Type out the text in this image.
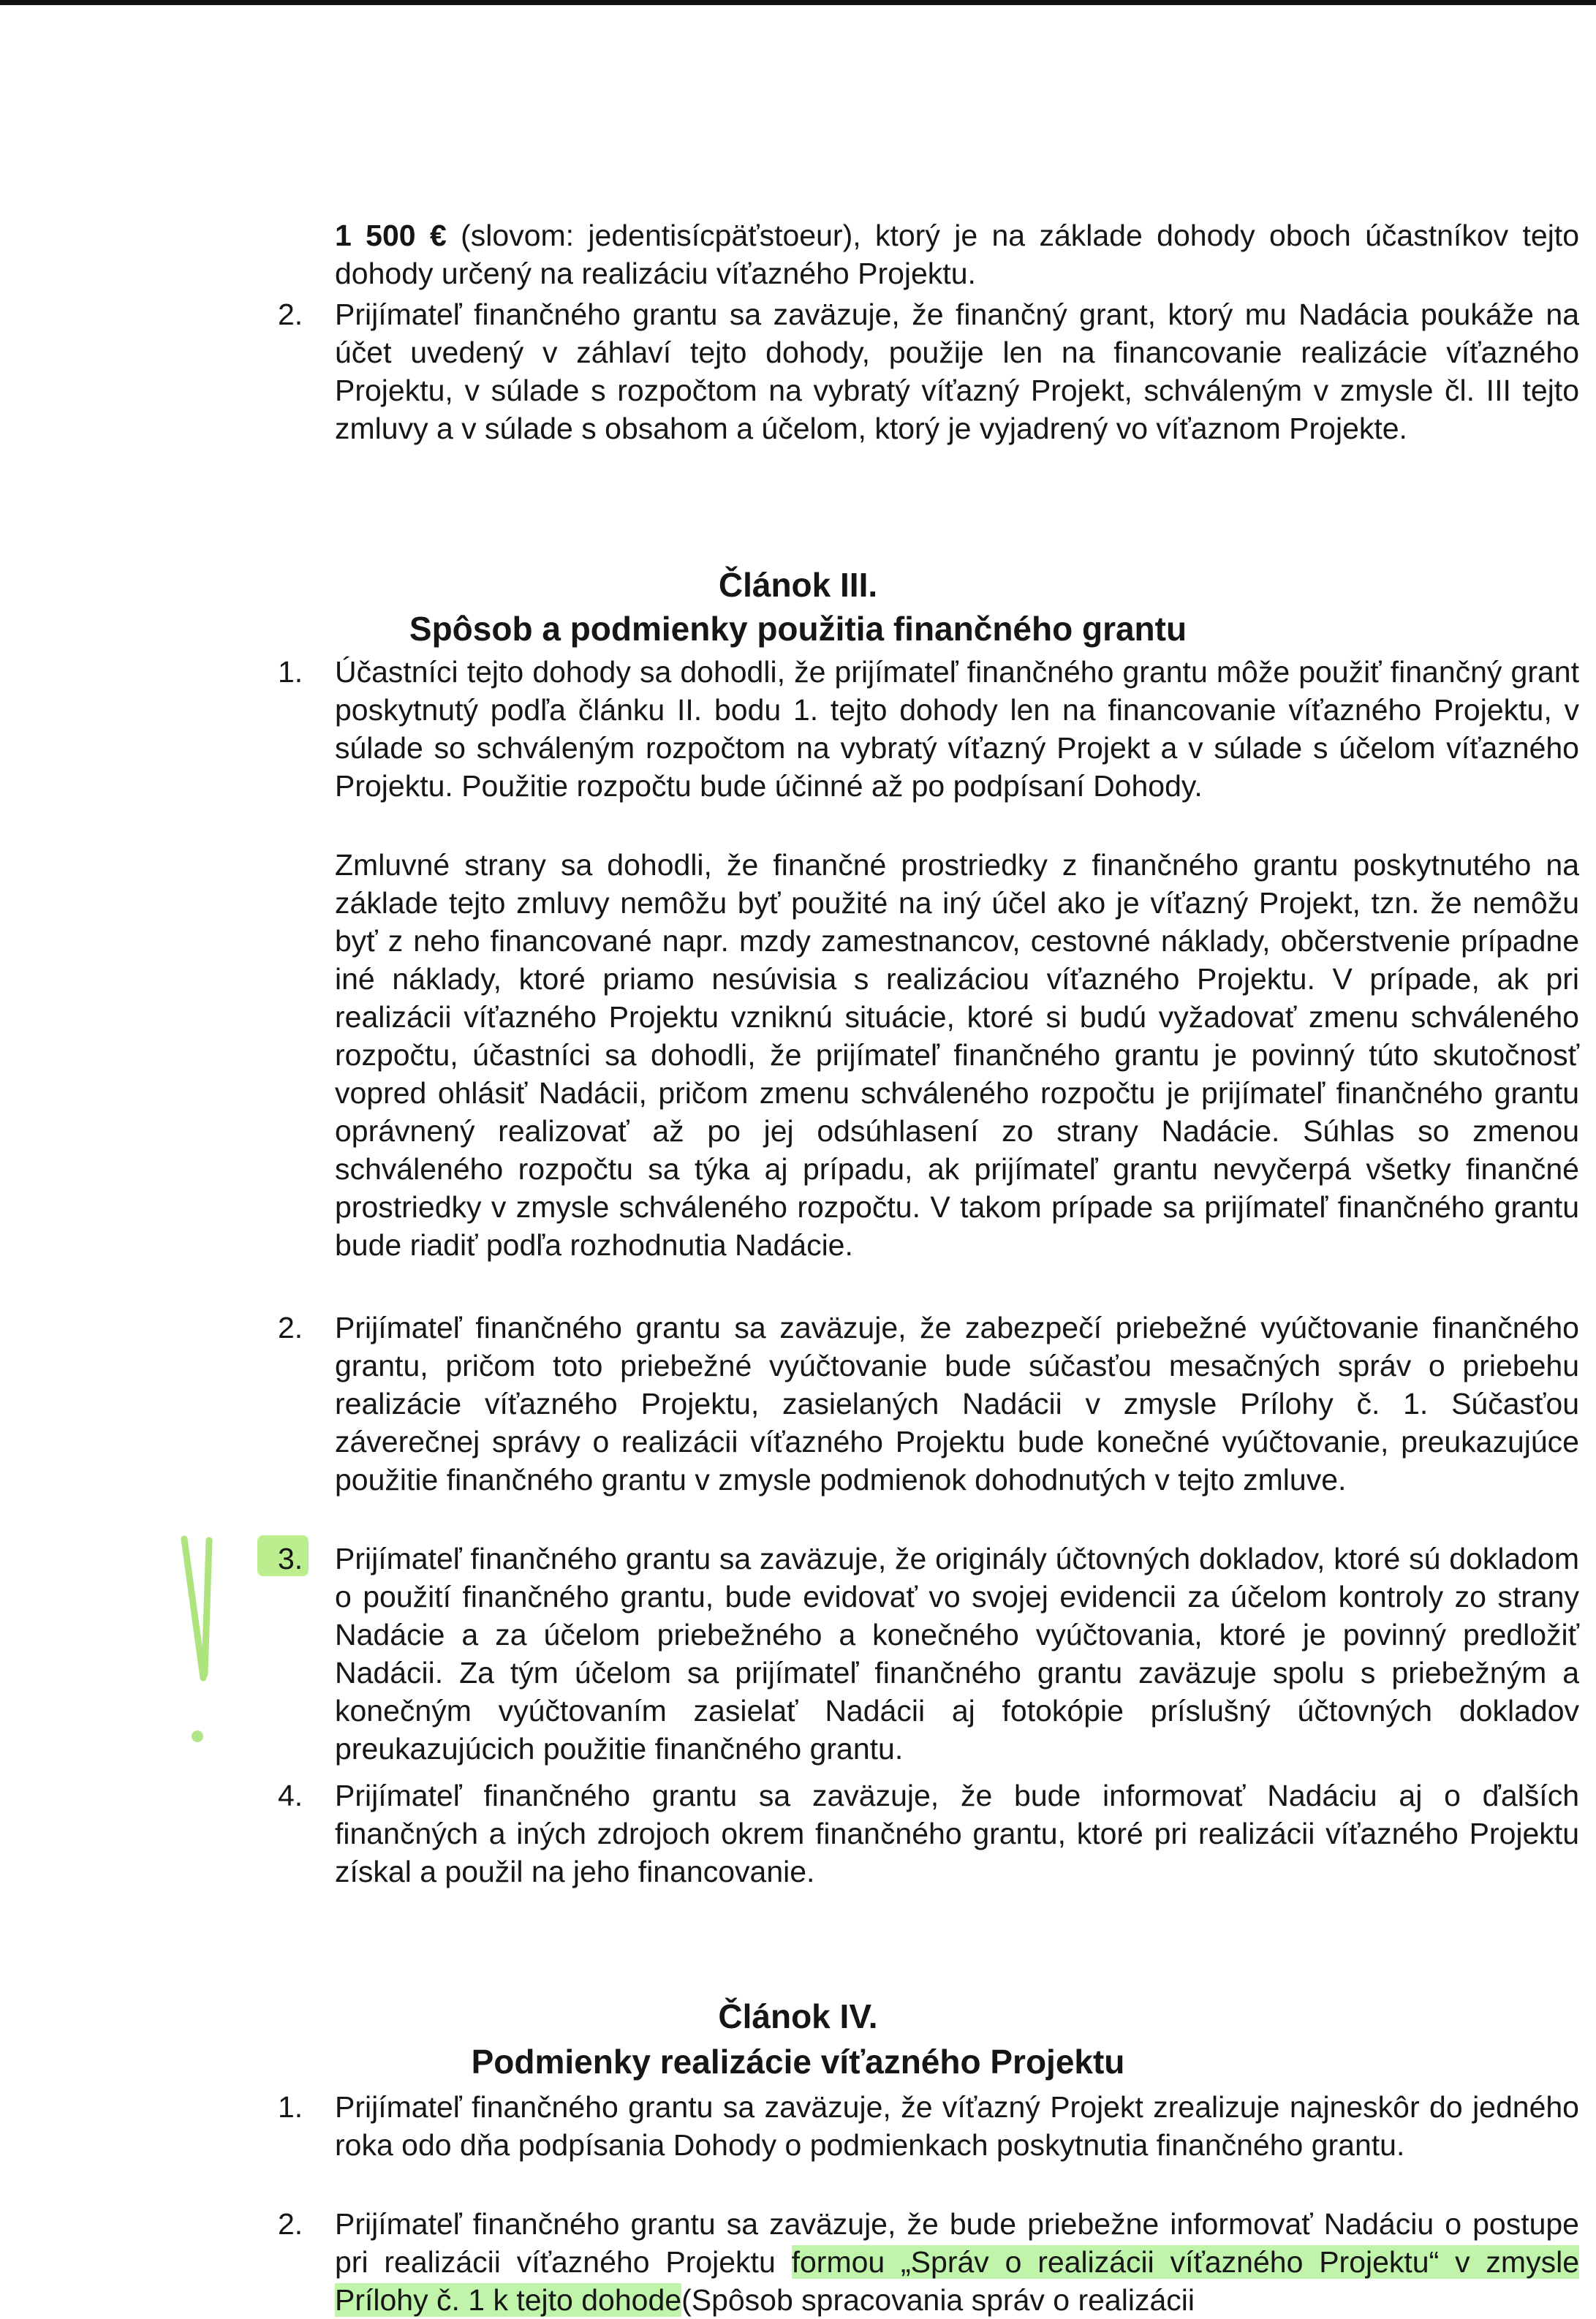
1 500 € (slovom: jedentisícpäťstoeur), ktorý je na základe dohody oboch účastníkov tejto dohody určený na realizáciu víťazného Projektu.
2. Prijímateľ finančného grantu sa zaväzuje, že finančný grant, ktorý mu Nadácia poukáže na účet uvedený v záhlaví tejto dohody, použije len na financovanie realizácie víťazného Projektu, v súlade s rozpočtom na vybratý víťazný Projekt, schváleným v zmysle čl. III tejto zmluvy a v súlade s obsahom a účelom, ktorý je vyjadrený vo víťaznom Projekte.
Článok III.
Spôsob a podmienky použitia finančného grantu
1. Účastníci tejto dohody sa dohodli, že prijímateľ finančného grantu môže použiť finančný grant poskytnutý podľa článku II. bodu 1. tejto dohody len na financovanie víťazného Projektu, v súlade so schváleným rozpočtom na vybratý víťazný Projekt a v súlade s účelom víťazného Projektu. Použitie rozpočtu bude účinné až po podpísaní Dohody.
Zmluvné strany sa dohodli, že finančné prostriedky z finančného grantu poskytnutého na základe tejto zmluvy nemôžu byť použité na iný účel ako je víťazný Projekt, tzn. že nemôžu byť z neho financované napr. mzdy zamestnancov, cestovné náklady, občerstvenie prípadne iné náklady, ktoré priamo nesúvisia s realizáciou víťazného Projektu. V prípade, ak pri realizácii víťazného Projektu vzniknú situácie, ktoré si budú vyžadovať zmenu schváleného rozpočtu, účastníci sa dohodli, že prijímateľ finančného grantu je povinný túto skutočnosť vopred ohlásiť Nadácii, pričom zmenu schváleného rozpočtu je prijímateľ finančného grantu oprávnený realizovať až po jej odsúhlasení zo strany Nadácie. Súhlas so zmenou schváleného rozpočtu sa týka aj prípadu, ak prijímateľ grantu nevyčerpá všetky finančné prostriedky v zmysle schváleného rozpočtu. V takom prípade sa prijímateľ finančného grantu bude riadiť podľa rozhodnutia Nadácie.
2. Prijímateľ finančného grantu sa zaväzuje, že zabezpečí priebežné vyúčtovanie finančného grantu, pričom toto priebežné vyúčtovanie bude súčasťou mesačných správ o priebehu realizácie víťazného Projektu, zasielaných Nadácii v zmysle Prílohy č. 1. Súčasťou záverečnej správy o realizácii víťazného Projektu bude konečné vyúčtovanie, preukazujúce použitie finančného grantu v zmysle podmienok dohodnutých v tejto zmluve.
3. Prijímateľ finančného grantu sa zaväzuje, že originály účtovných dokladov, ktoré sú dokladom o použití finančného grantu, bude evidovať vo svojej evidencii za účelom kontroly zo strany Nadácie a za účelom priebežného a konečného vyúčtovania, ktoré je povinný predložiť Nadácii. Za tým účelom sa prijímateľ finančného grantu zaväzuje spolu s priebežným a konečným vyúčtovaním zasielať Nadácii aj fotokópie príslušný účtovných dokladov preukazujúcich použitie finančného grantu.
4. Prijímateľ finančného grantu sa zaväzuje, že bude informovať Nadáciu aj o ďalších finančných a iných zdrojoch okrem finančného grantu, ktoré pri realizácii víťazného Projektu získal a použil na jeho financovanie.
Článok IV.
Podmienky realizácie víťazného Projektu
1. Prijímateľ finančného grantu sa zaväzuje, že víťazný Projekt zrealizuje najneskôr do jedného roka odo dňa podpísania Dohody o podmienkach poskytnutia finančného grantu.
2. Prijímateľ finančného grantu sa zaväzuje, že bude priebežne informovať Nadáciu o postupe pri realizácii víťazného Projektu formou „Správ o realizácii víťazného Projektu“ v zmysle Prílohy č. 1 k tejto dohode(Spôsob spracovania správ o realizácii
